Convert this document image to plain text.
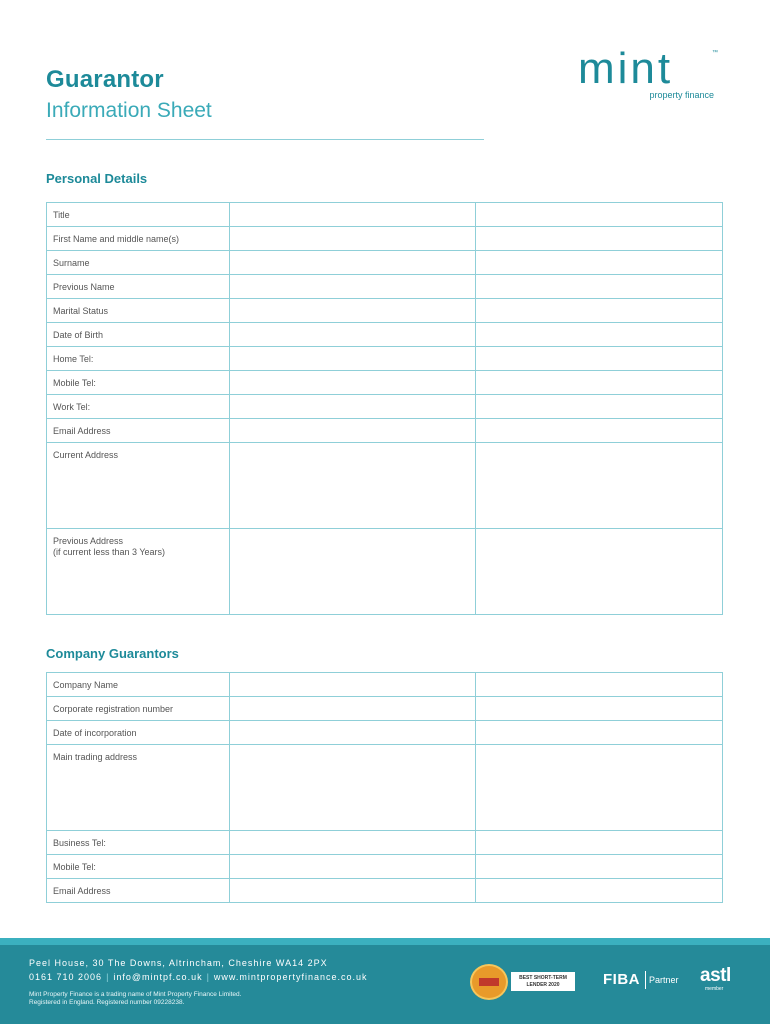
Guarantor
Information Sheet
mint	™
property finance
Personal Details
Title		
First Name and middle name(s)		
Surname		
Previous Name		
Marital Status		
Date of Birth		
Home Tel:		
Mobile Tel:		
Work Tel:		
Email Address		
Current Address		
Previous Address
(if current less than 3 Years)		
Company Guarantors
Company Name		
Corporate registration number		
Date of incorporation		
Main trading address		
Business Tel:		
Mobile Tel:		
Email Address		
Peel House, 30 The Downs, Altrincham, Cheshire WA14 2PX
0161 710 2006 | info@mintpf.co.uk | www.mintpropertyfinance.co.uk
Mint Property Finance is a trading name of Mint Property Finance Limited.
Registered in England. Registered number 09228238.
BEST SHORT-TERM
LENDER 2020	FIBA Partner astl
member
